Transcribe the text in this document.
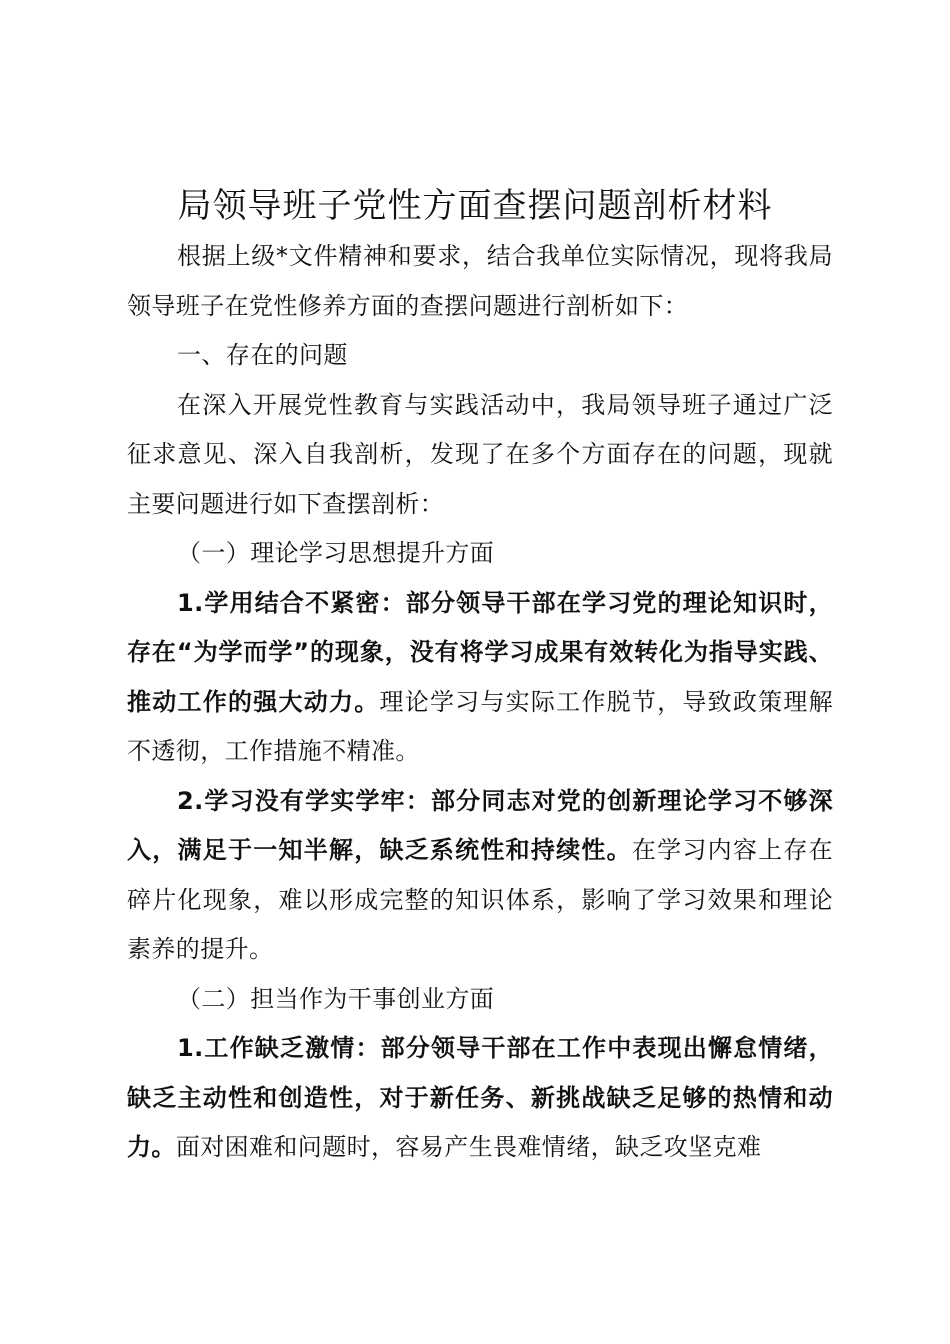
局领导班子党性方面查摆问题剖析材料

根据上级*文件精神和要求，结合我单位实际情况，现将我局领导班子在党性修养方面的查摆问题进行剖析如下：

一、存在的问题

在深入开展党性教育与实践活动中，我局领导班子通过广泛征求意见、深入自我剖析，发现了在多个方面存在的问题，现就主要问题进行如下查摆剖析：

（一）理论学习思想提升方面

1.学用结合不紧密：部分领导干部在学习党的理论知识时，存在“为学而学”的现象，没有将学习成果有效转化为指导实践、推动工作的强大动力。理论学习与实际工作脱节，导致政策理解不透彻，工作措施不精准。

2.学习没有学实学牢：部分同志对党的创新理论学习不够深入，满足于一知半解，缺乏系统性和持续性。在学习内容上存在碎片化现象，难以形成完整的知识体系，影响了学习效果和理论素养的提升。

（二）担当作为干事创业方面

1.工作缺乏激情：部分领导干部在工作中表现出懈怠情绪，缺乏主动性和创造性，对于新任务、新挑战缺乏足够的热情和动力。面对困难和问题时，容易产生畏难情绪，缺乏攻坚克难
